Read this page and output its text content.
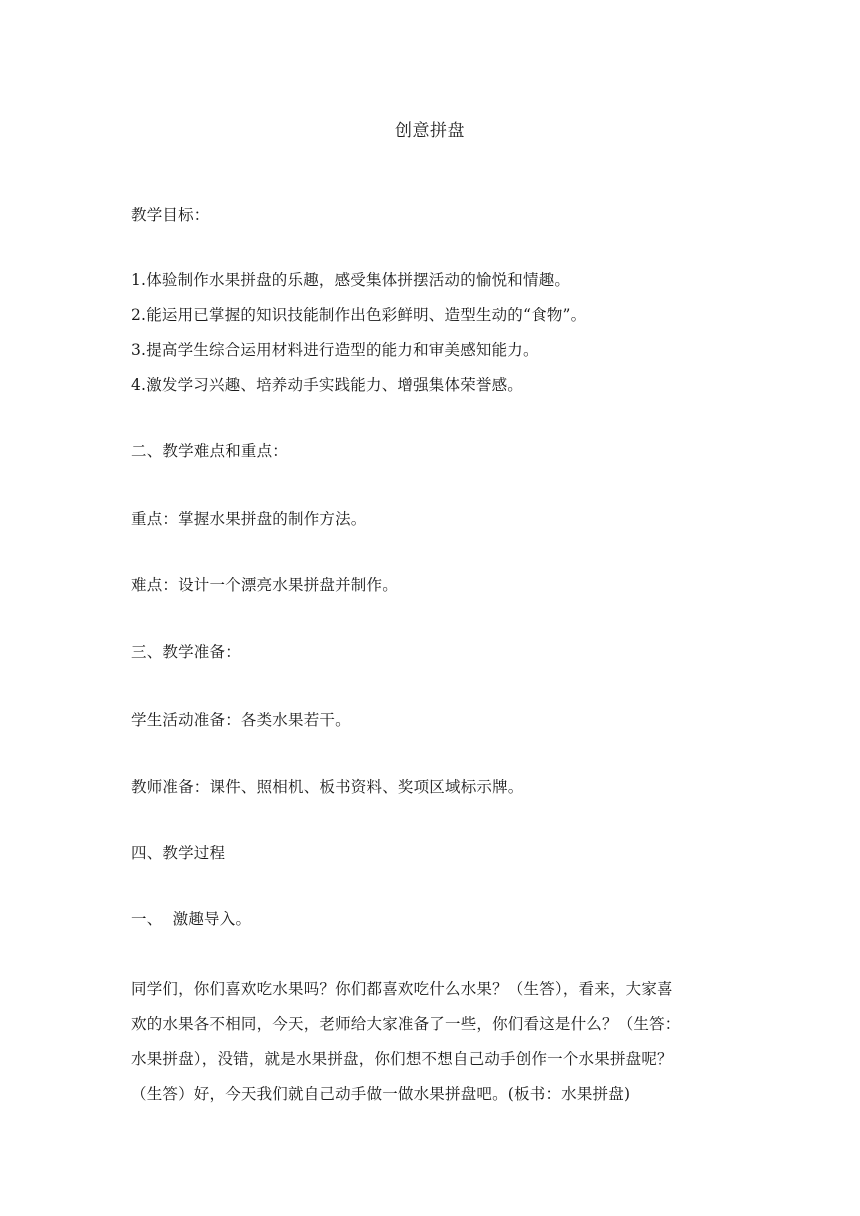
创意拼盘
教学目标：
1.体验制作水果拼盘的乐趣，感受集体拼摆活动的愉悦和情趣。
2.能运用已掌握的知识技能制作出色彩鲜明、造型生动的“食物”。
3.提高学生综合运用材料进行造型的能力和审美感知能力。
4.激发学习兴趣、培养动手实践能力、增强集体荣誉感。
二、教学难点和重点：
重点：掌握水果拼盘的制作方法。
难点：设计一个漂亮水果拼盘并制作。
三、教学准备：
学生活动准备：各类水果若干。
教师准备：课件、照相机、板书资料、奖项区域标示牌。
四、教学过程
一、  激趣导入。
同学们，你们喜欢吃水果吗？你们都喜欢吃什么水果？（生答），看来，大家喜
欢的水果各不相同，今天，老师给大家准备了一些，你们看这是什么？（生答：
水果拼盘），没错，就是水果拼盘，你们想不想自己动手创作一个水果拼盘呢？
（生答）好，今天我们就自己动手做一做水果拼盘吧。(板书：水果拼盘)
